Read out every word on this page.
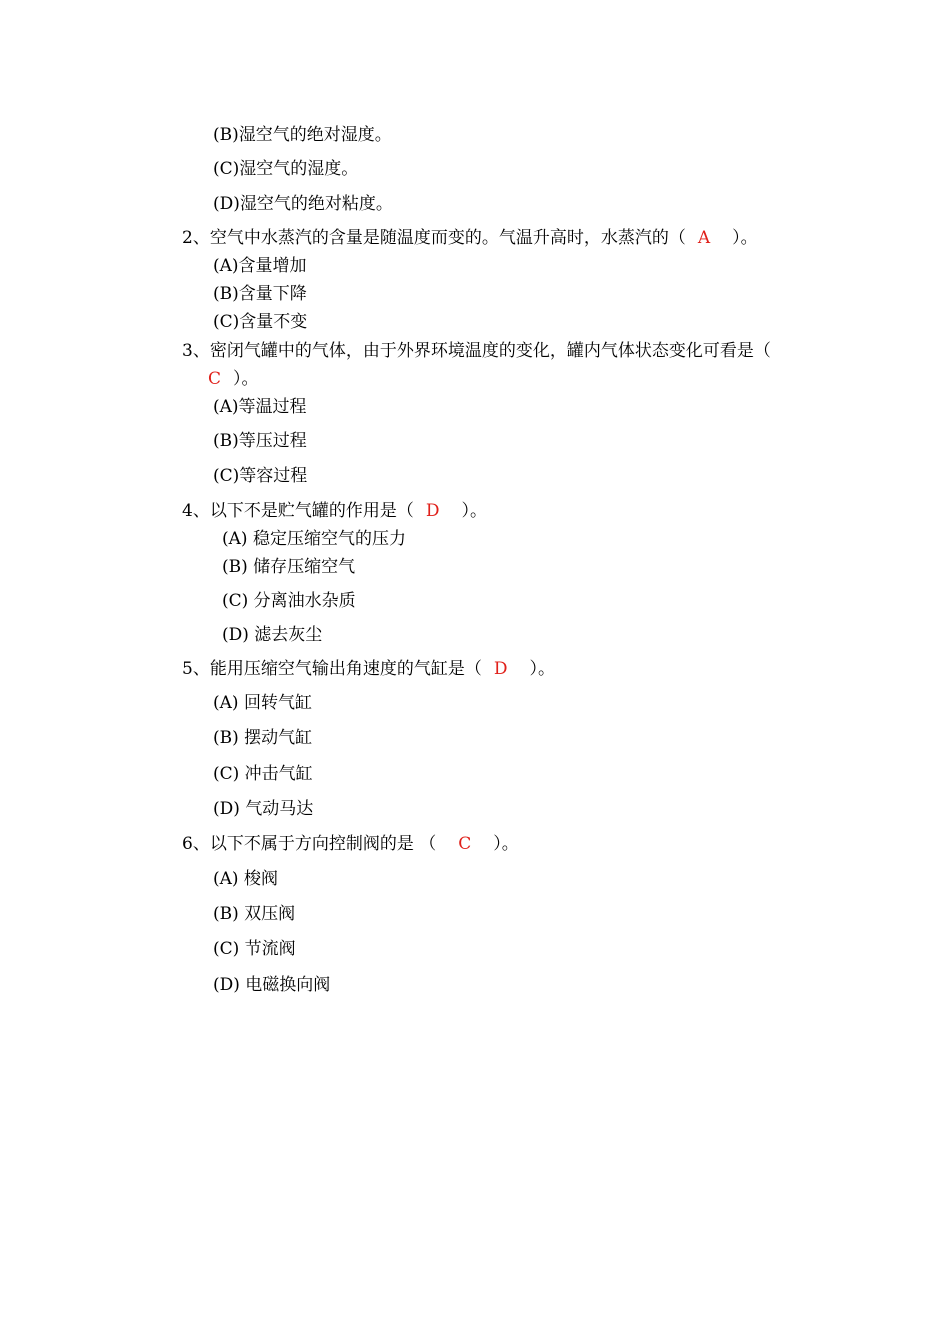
(B)湿空气的绝对湿度。
(C)湿空气的湿度。
(D)湿空气的绝对粘度。
2、空气中水蒸汽的含量是随温度而变的。气温升高时，水蒸汽的（ A ）。
(A)含量增加
(B)含量下降
(C)含量不变
3、密闭气罐中的气体，由于外界环境温度的变化，罐内气体状态变化可看是（
C ）。
(A)等温过程
(B)等压过程
(C)等容过程
4、以下不是贮气罐的作用是（ D ）。
(A) 稳定压缩空气的压力
(B) 储存压缩空气
(C) 分离油水杂质
(D) 滤去灰尘
5、能用压缩空气输出角速度的气缸是（ D ）。
(A) 回转气缸
(B) 摆动气缸
(C) 冲击气缸
(D) 气动马达
6、以下不属于方向控制阀的是 （ C ）。
(A) 梭阀
(B) 双压阀
(C) 节流阀
(D) 电磁换向阀
